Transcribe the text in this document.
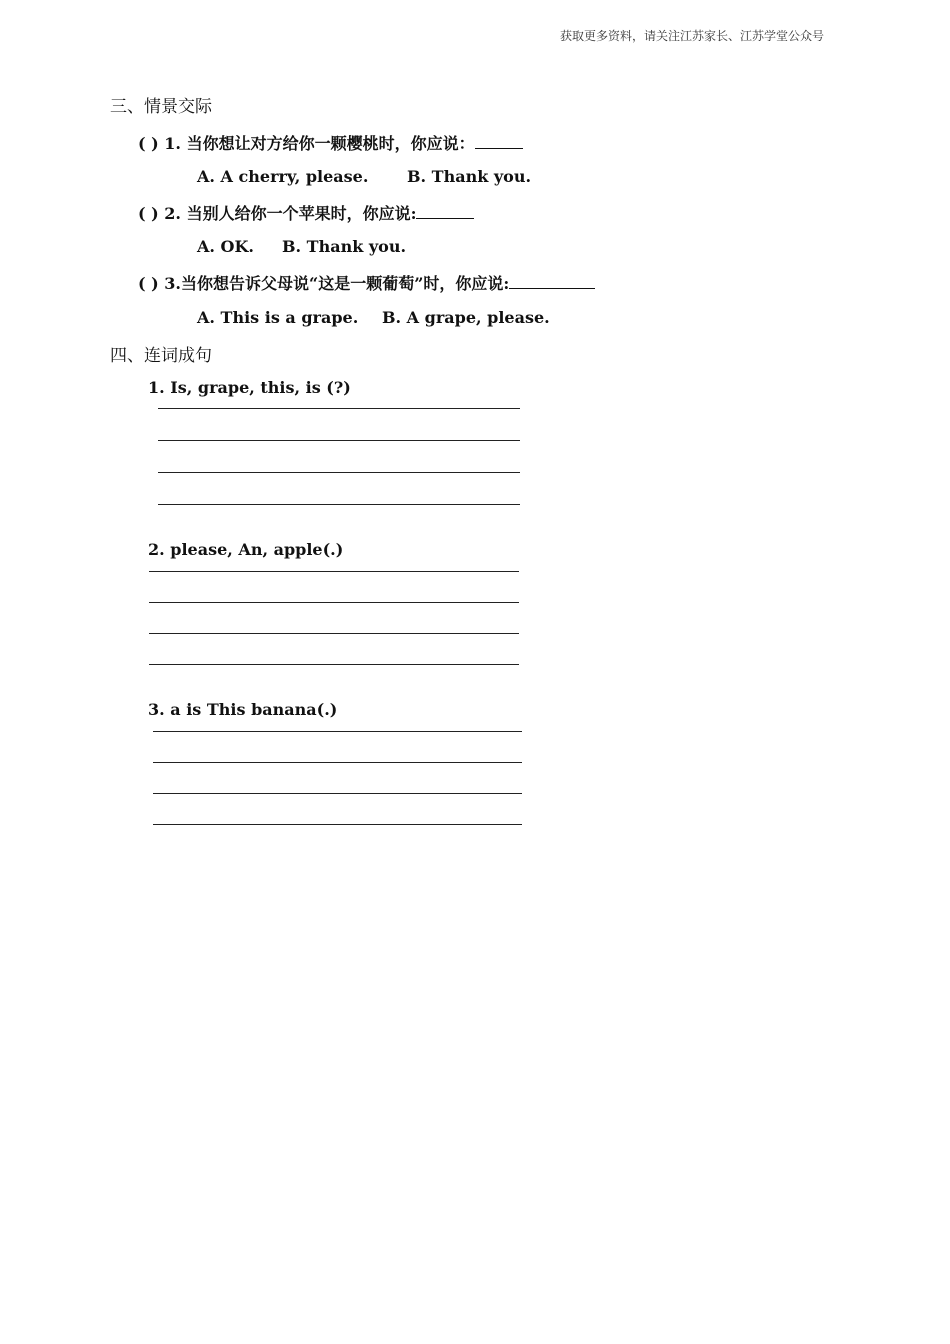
获取更多资料，请关注江苏家长、江苏学堂公众号
三、情景交际
( ) 1. 当你想让对方给你一颗樱桃时，你应说：
A. A cherry, please. B. Thank you.
( ) 2. 当别人给你一个苹果时，你应说:
A. OK. B. Thank you.
( ) 3.当你想告诉父母说“这是一颗葡萄”时，你应说:
A. This is a grape. B. A grape, please.
四、连词成句
1. Is, grape, this, is (?)
2. please, An, apple(.)
3. a is This banana(.)
